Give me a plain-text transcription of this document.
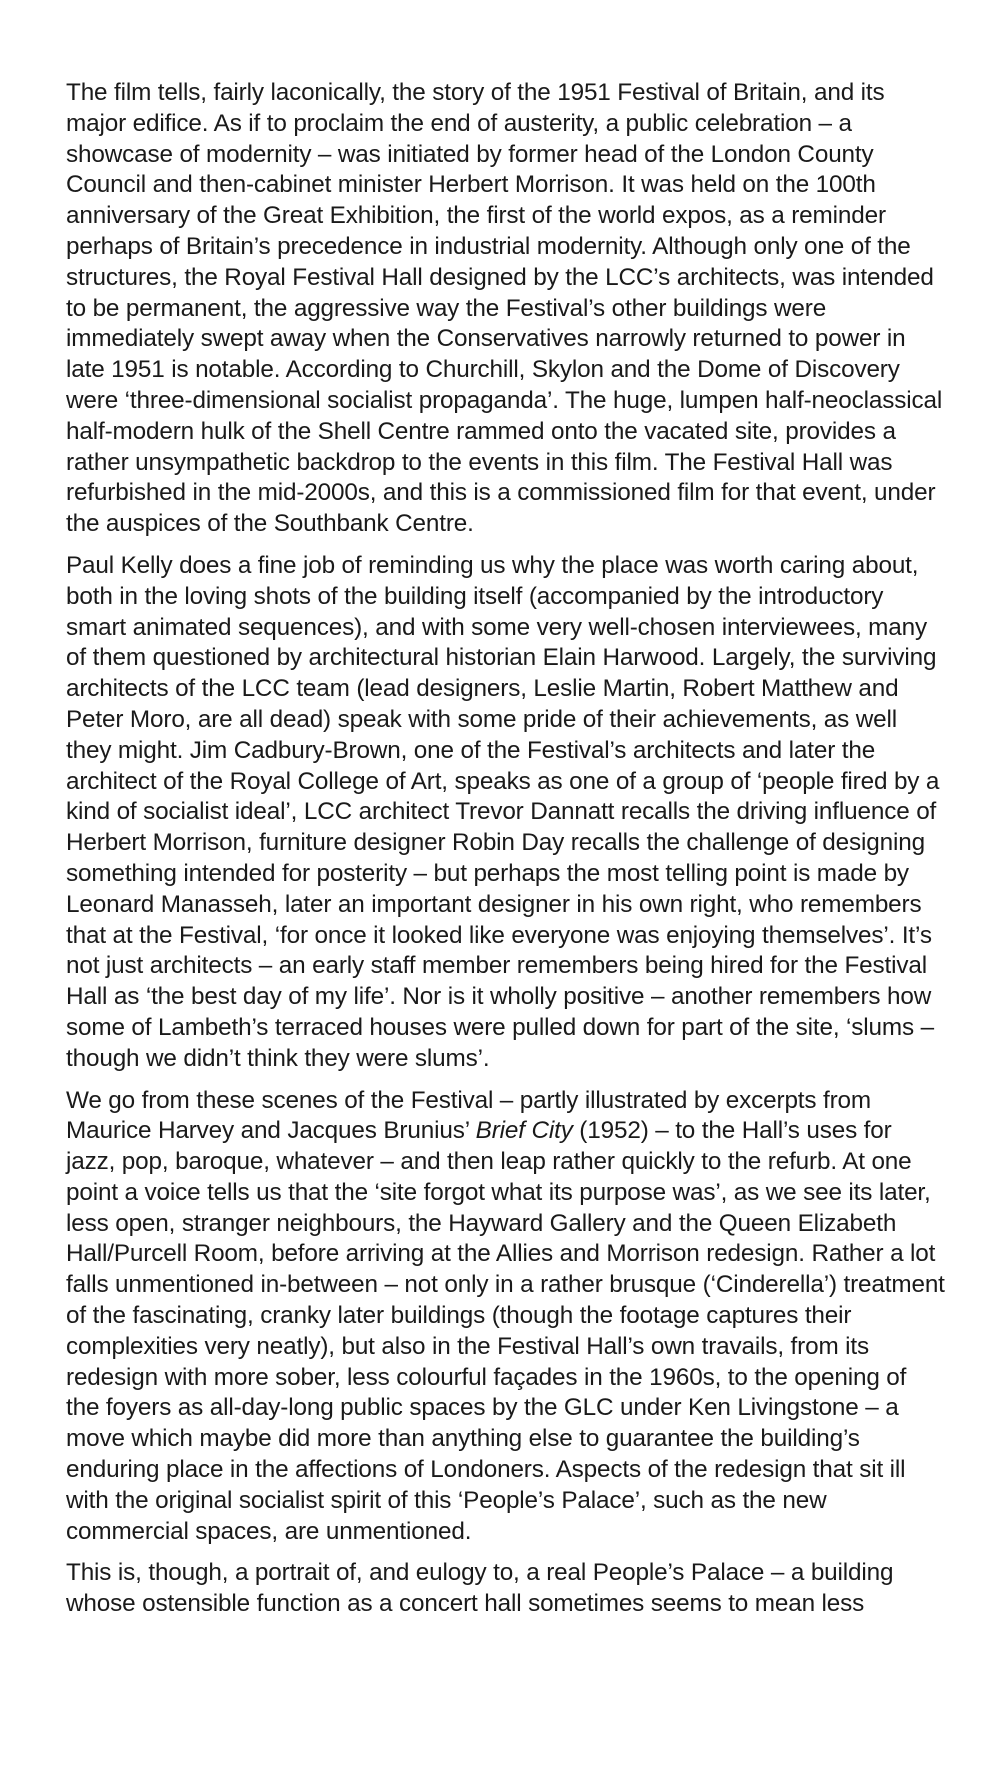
The film tells, fairly laconically, the story of the 1951 Festival of Britain, and its major edifice. As if to proclaim the end of austerity, a public celebration – a showcase of modernity – was initiated by former head of the London County Council and then-cabinet minister Herbert Morrison. It was held on the 100th anniversary of the Great Exhibition, the first of the world expos, as a reminder perhaps of Britain’s precedence in industrial modernity. Although only one of the structures, the Royal Festival Hall designed by the LCC’s architects, was intended to be permanent, the aggressive way the Festival’s other buildings were immediately swept away when the Conservatives narrowly returned to power in late 1951 is notable. According to Churchill, Skylon and the Dome of Discovery were ‘three-dimensional socialist propaganda’. The huge, lumpen half-neoclassical half-modern hulk of the Shell Centre rammed onto the vacated site, provides a rather unsympathetic backdrop to the events in this film. The Festival Hall was refurbished in the mid-2000s, and this is a commissioned film for that event, under the auspices of the Southbank Centre.

Paul Kelly does a fine job of reminding us why the place was worth caring about, both in the loving shots of the building itself (accompanied by the introductory smart animated sequences), and with some very well-chosen interviewees, many of them questioned by architectural historian Elain Harwood. Largely, the surviving architects of the LCC team (lead designers, Leslie Martin, Robert Matthew and Peter Moro, are all dead) speak with some pride of their achievements, as well they might. Jim Cadbury-Brown, one of the Festival’s architects and later the architect of the Royal College of Art, speaks as one of a group of ‘people fired by a kind of socialist ideal’, LCC architect Trevor Dannatt recalls the driving influence of Herbert Morrison, furniture designer Robin Day recalls the challenge of designing something intended for posterity – but perhaps the most telling point is made by Leonard Manasseh, later an important designer in his own right, who remembers that at the Festival, ‘for once it looked like everyone was enjoying themselves’. It’s not just architects – an early staff member remembers being hired for the Festival Hall as ‘the best day of my life’. Nor is it wholly positive – another remembers how some of Lambeth’s terraced houses were pulled down for part of the site, ‘slums – though we didn’t think they were slums’.

We go from these scenes of the Festival – partly illustrated by excerpts from Maurice Harvey and Jacques Brunius’ Brief City (1952) – to the Hall’s uses for jazz, pop, baroque, whatever – and then leap rather quickly to the refurb. At one point a voice tells us that the ‘site forgot what its purpose was’, as we see its later, less open, stranger neighbours, the Hayward Gallery and the Queen Elizabeth Hall/Purcell Room, before arriving at the Allies and Morrison redesign. Rather a lot falls unmentioned in-between – not only in a rather brusque (‘Cinderella’) treatment of the fascinating, cranky later buildings (though the footage captures their complexities very neatly), but also in the Festival Hall’s own travails, from its redesign with more sober, less colourful façades in the 1960s, to the opening of the foyers as all-day-long public spaces by the GLC under Ken Livingstone – a move which maybe did more than anything else to guarantee the building’s enduring place in the affections of Londoners. Aspects of the redesign that sit ill with the original socialist spirit of this ‘People’s Palace’, such as the new commercial spaces, are unmentioned.

This is, though, a portrait of, and eulogy to, a real People’s Palace – a building whose ostensible function as a concert hall sometimes seems to mean less
